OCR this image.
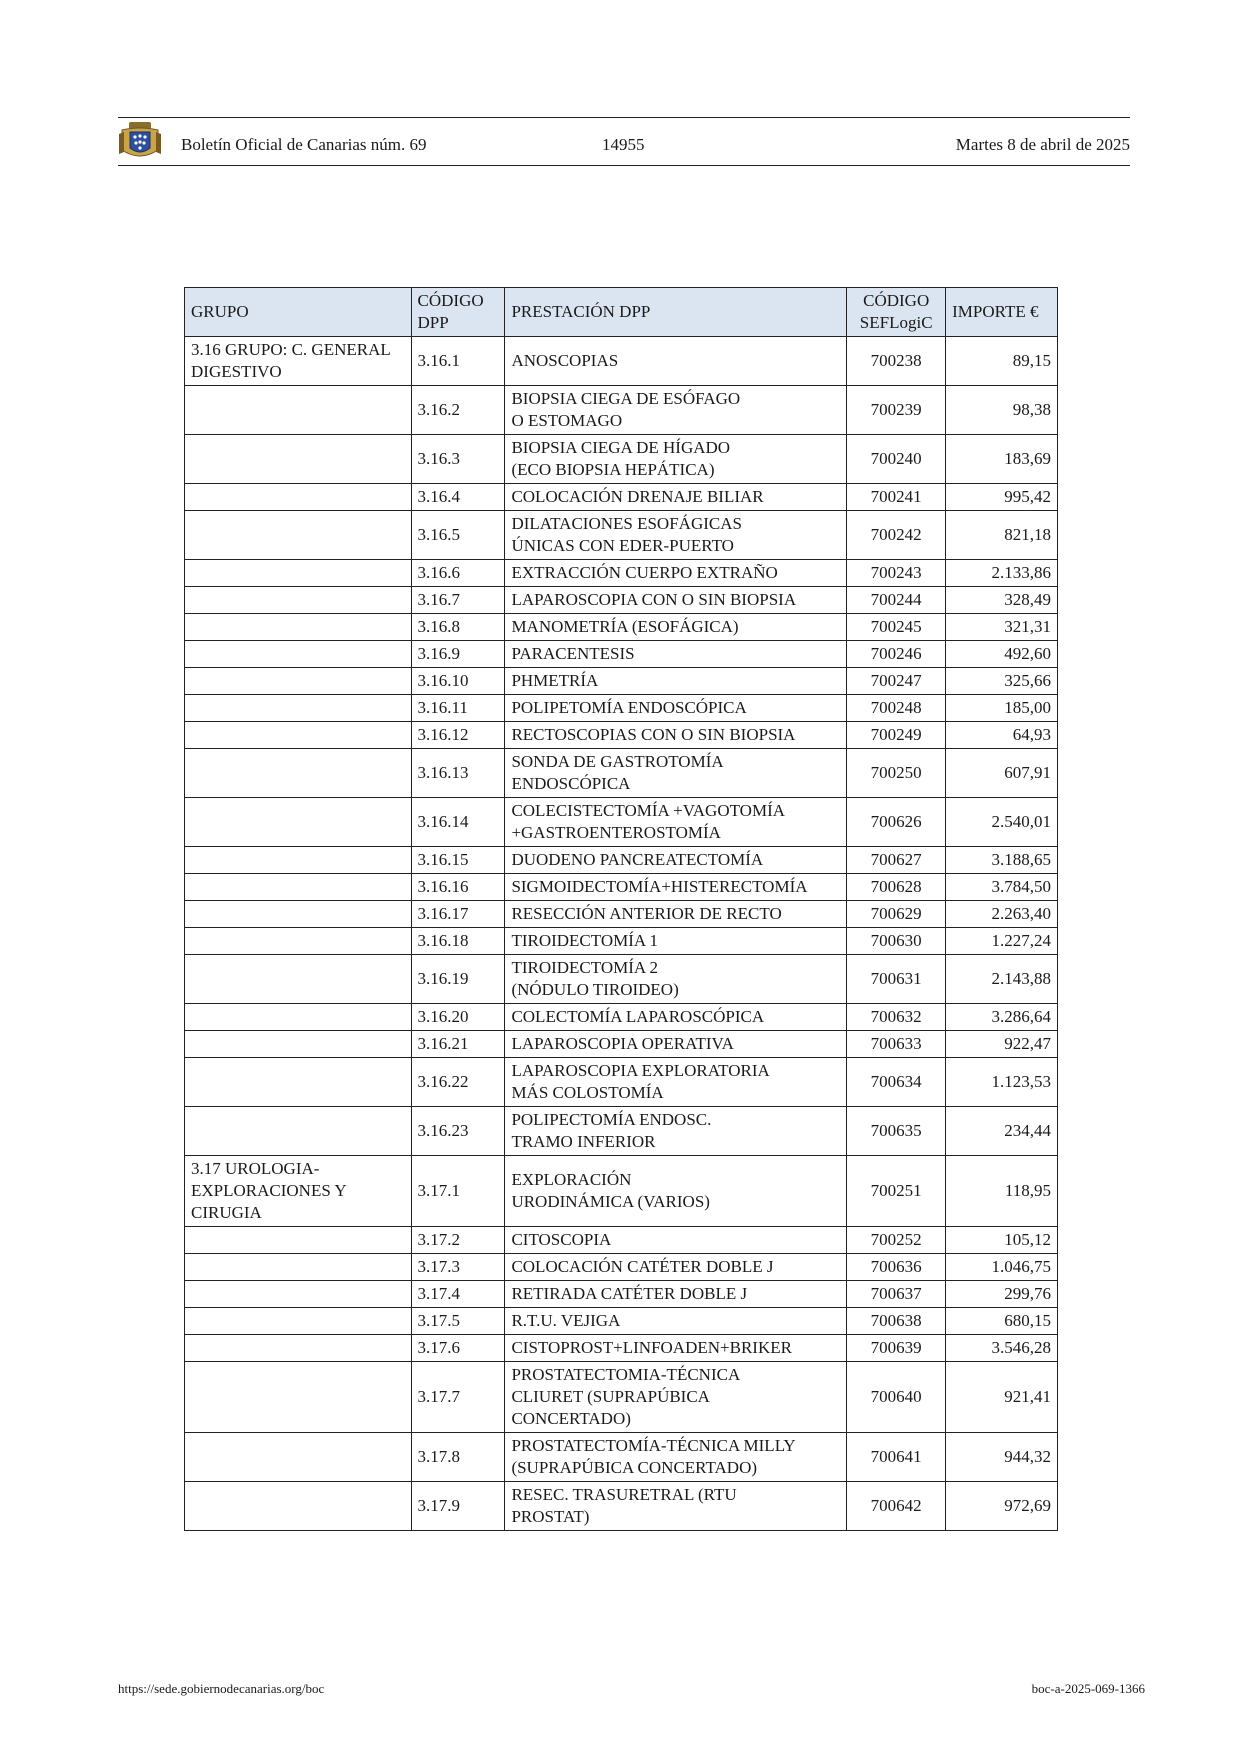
Boletín Oficial de Canarias núm. 69	14955	Martes 8 de abril de 2025
GRUPO	CÓDIGO DPP	PRESTACIÓN DPP	CÓDIGO SEFLogiC	IMPORTE €
3.16 GRUPO: C. GENERAL DIGESTIVO	3.16.1	ANOSCOPIAS	700238	89,15
	3.16.2	BIOPSIA CIEGA DE ESÓFAGO
O ESTOMAGO	700239	98,38
	3.16.3	BIOPSIA CIEGA DE HÍGADO
(ECO BIOPSIA HEPÁTICA)	700240	183,69
	3.16.4	COLOCACIÓN DRENAJE BILIAR	700241	995,42
	3.16.5	DILATACIONES ESOFÁGICAS
ÚNICAS CON EDER-PUERTO	700242	821,18
	3.16.6	EXTRACCIÓN CUERPO EXTRAÑO	700243	2.133,86
	3.16.7	LAPAROSCOPIA CON O SIN BIOPSIA	700244	328,49
	3.16.8	MANOMETRÍA (ESOFÁGICA)	700245	321,31
	3.16.9	PARACENTESIS	700246	492,60
	3.16.10	PHMETRÍA	700247	325,66
	3.16.11	POLIPETOMÍA ENDOSCÓPICA	700248	185,00
	3.16.12	RECTOSCOPIAS CON O SIN BIOPSIA	700249	64,93
	3.16.13	SONDA DE GASTROTOMÍA
ENDOSCÓPICA	700250	607,91
	3.16.14	COLECISTECTOMÍA +VAGOTOMÍA
+GASTROENTEROSTOMÍA	700626	2.540,01
	3.16.15	DUODENO PANCREATECTOMÍA	700627	3.188,65
	3.16.16	SIGMOIDECTOMÍA+HISTERECTOMÍA	700628	3.784,50
	3.16.17	RESECCIÓN ANTERIOR DE RECTO	700629	2.263,40
	3.16.18	TIROIDECTOMÍA 1	700630	1.227,24
	3.16.19	TIROIDECTOMÍA 2
(NÓDULO TIROIDEO)	700631	2.143,88
	3.16.20	COLECTOMÍA LAPAROSCÓPICA	700632	3.286,64
	3.16.21	LAPAROSCOPIA OPERATIVA	700633	922,47
	3.16.22	LAPAROSCOPIA EXPLORATORIA
MÁS COLOSTOMÍA	700634	1.123,53
	3.16.23	POLIPECTOMÍA ENDOSC.
TRAMO INFERIOR	700635	234,44
3.17 UROLOGIA-EXPLORACIONES Y CIRUGIA	3.17.1	EXPLORACIÓN
URODINÁMICA (VARIOS)	700251	118,95
	3.17.2	CITOSCOPIA	700252	105,12
	3.17.3	COLOCACIÓN CATÉTER DOBLE J	700636	1.046,75
	3.17.4	RETIRADA CATÉTER DOBLE J	700637	299,76
	3.17.5	R.T.U. VEJIGA	700638	680,15
	3.17.6	CISTOPROST+LINFOADEN+BRIKER	700639	3.546,28
	3.17.7	PROSTATECTOMIA-TÉCNICA
CLIURET (SUPRAPÚBICA
CONCERTADO)	700640	921,41
	3.17.8	PROSTATECTOMÍA-TÉCNICA MILLY
(SUPRAPÚBICA CONCERTADO)	700641	944,32
	3.17.9	RESEC. TRASURETRAL (RTU
PROSTAT)	700642	972,69
https://sede.gobiernodecanarias.org/boc	boc-a-2025-069-1366
